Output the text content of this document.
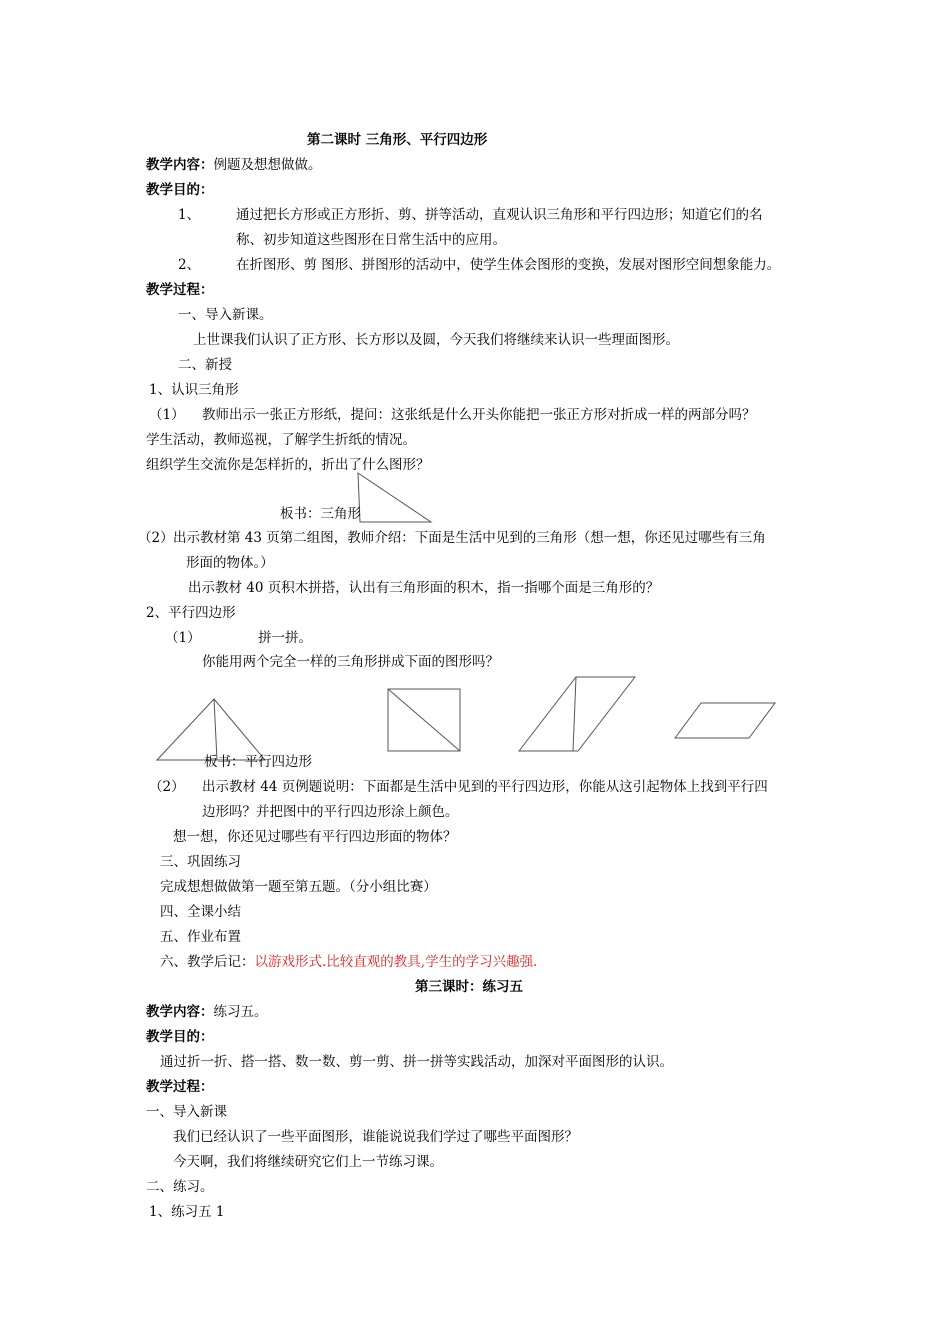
第二课时 三角形、平行四边形
教学内容：例题及想想做做。
教学目的：
1、	通过把长方形或正方形折、剪、拼等活动，直观认识三角形和平行四边形；知道它们的名
称、初步知道这些图形在日常生活中的应用。
2、	在折图形、剪 图形、拼图形的活动中，使学生体会图形的变换，发展对图形空间想象能力。
教学过程：
一、导入新课。
上世课我们认识了正方形、长方形以及圆，今天我们将继续来认识一些理面图形。
二、新授
1、认识三角形
（1） 教师出示一张正方形纸，提问：这张纸是什么开头你能把一张正方形对折成一样的两部分吗？
学生活动，教师巡视，了解学生折纸的情况。
组织学生交流你是怎样折的，折出了什么图形？
板书：三角形
（2） 出示教材第 43 页第二组图，教师介绍：下面是生活中见到的三角形（想一想，你还见过哪些有三角
形面的物体。）
出示教材 40 页积木拼搭，认出有三角形面的积木，指一指哪个面是三角形的？
2、平行四边形
（1）	拼一拼。
你能用两个完全一样的三角形拼成下面的图形吗？
板书：平行四边形
（2） 出示教材 44 页例题说明：下面都是生活中见到的平行四边形，你能从这引起物体上找到平行四
边形吗？并把图中的平行四边形涂上颜色。
想一想，你还见过哪些有平行四边形面的物体？
三、巩固练习
完成想想做做第一题至第五题。（分小组比赛）
四、全课小结
五、作业布置
六、教学后记：以游戏形式.比较直观的教具,学生的学习兴趣强.
第三课时：练习五
教学内容：练习五。
教学目的：
通过折一折、搭一搭、数一数、剪一剪、拼一拼等实践活动，加深对平面图形的认识。
教学过程：
一、导入新课
我们已经认识了一些平面图形，谁能说说我们学过了哪些平面图形？
今天啊，我们将继续研究它们上一节练习课。
二、练习。
1、练习五 1
